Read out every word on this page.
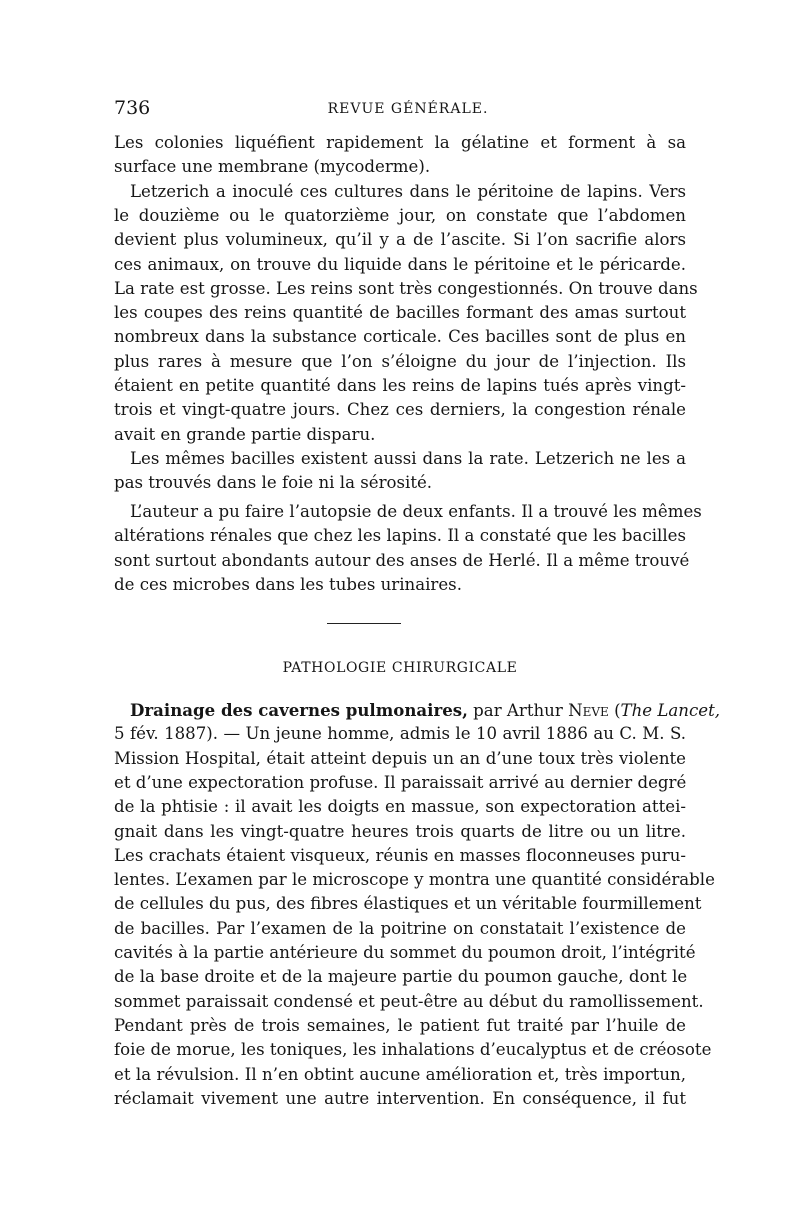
736	REVUE GÉNÉRALE.
Les colonies liquéfient rapidement la gélatine et forment à sa
surface une membrane (mycoderme).
Letzerich a inoculé ces cultures dans le péritoine de lapins. Vers
le douzième ou le quatorzième jour, on constate que l’abdomen
devient plus volumineux, qu’il y a de l’ascite. Si l’on sacrifie alors
ces animaux, on trouve du liquide dans le péritoine et le péricarde.
La rate est grosse. Les reins sont très congestionnés. On trouve dans
les coupes des reins quantité de bacilles formant des amas surtout
nombreux dans la substance corticale. Ces bacilles sont de plus en
plus rares à mesure que l’on s’éloigne du jour de l’injection. Ils
étaient en petite quantité dans les reins de lapins tués après vingt-
trois et vingt-quatre jours. Chez ces derniers, la congestion rénale
avait en grande partie disparu.
Les mêmes bacilles existent aussi dans la rate. Letzerich ne les a
pas trouvés dans le foie ni la sérosité.
L’auteur a pu faire l’autopsie de deux enfants. Il a trouvé les mêmes
altérations rénales que chez les lapins. Il a constaté que les bacilles
sont surtout abondants autour des anses de Herlé. Il a même trouvé
de ces microbes dans les tubes urinaires.
PATHOLOGIE CHIRURGICALE
Drainage des cavernes pulmonaires, par Arthur Neve (The Lancet,
5 fév. 1887). — Un jeune homme, admis le 10 avril 1886 au C. M. S.
Mission Hospital, était atteint depuis un an d’une toux très violente
et d’une expectoration profuse. Il paraissait arrivé au dernier degré
de la phtisie : il avait les doigts en massue, son expectoration attei-
gnait dans les vingt-quatre heures trois quarts de litre ou un litre.
Les crachats étaient visqueux, réunis en masses floconneuses puru-
lentes. L’examen par le microscope y montra une quantité considérable
de cellules du pus, des fibres élastiques et un véritable fourmillement
de bacilles. Par l’examen de la poitrine on constatait l’existence de
cavités à la partie antérieure du sommet du poumon droit, l’intégrité
de la base droite et de la majeure partie du poumon gauche, dont le
sommet paraissait condensé et peut-être au début du ramollissement.
Pendant près de trois semaines, le patient fut traité par l’huile de
foie de morue, les toniques, les inhalations d’eucalyptus et de créosote
et la révulsion. Il n’en obtint aucune amélioration et, très importun,
réclamait vivement une autre intervention. En conséquence, il fut
